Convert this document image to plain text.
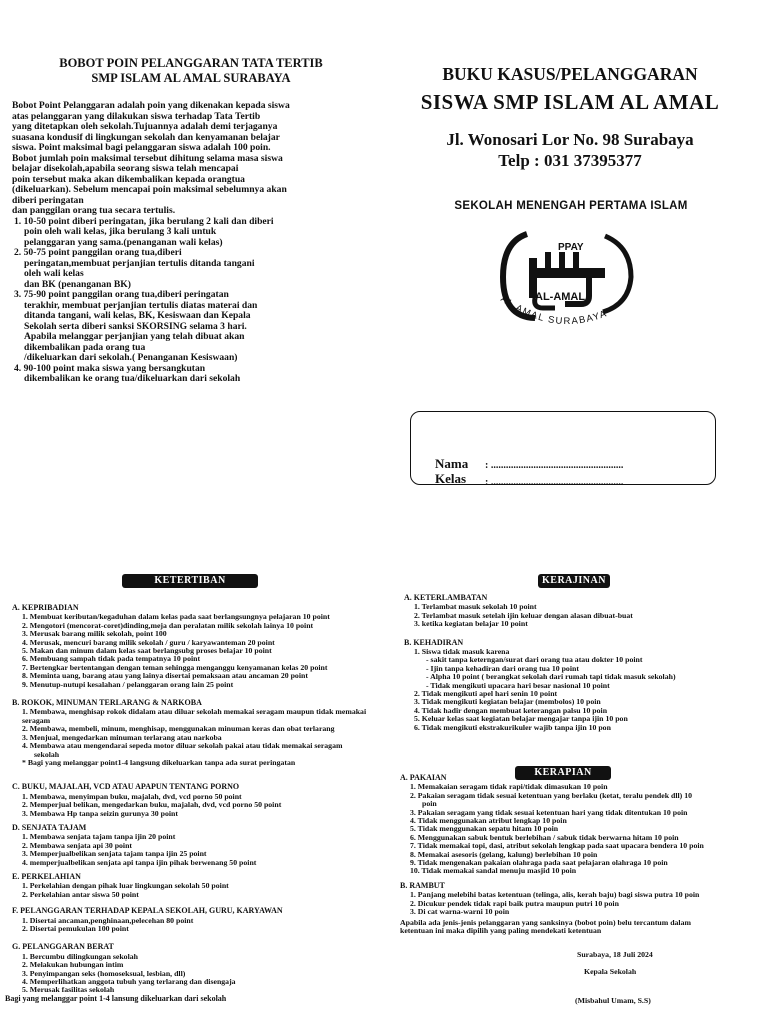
BOBOT POIN PELANGGARAN TATA TERTIB
SMP ISLAM AL AMAL SURABAYA
Bobot Point Pelanggaran adalah poin yang dikenakan kepada siswa
atas pelanggaran yang dilakukan siswa terhadap Tata Tertib
yang ditetapkan oleh sekolah.Tujuannya adalah demi terjaganya
suasana kondusif di lingkungan sekolah dan kenyamanan belajar
siswa. Point maksimal bagi pelanggaran siswa adalah 100 poin.
Bobot jumlah poin maksimal tersebut dihitung selama masa siswa
belajar disekolah,apabila seorang siswa telah mencapai
poin tersebut maka akan dikembalikan kepada orangtua
(dikeluarkan). Sebelum mencapai poin maksimal sebelumnya akan
diberi peringatan
dan panggilan orang tua secara tertulis.
1. 10-50 point diberi peringatan, jika berulang 2 kali dan diberi
poin oleh wali kelas, jika berulang 3 kali untuk
pelanggaran yang sama.(penanganan wali kelas)
2. 50-75 point panggilan orang tua,diberi
peringatan,membuat perjanjian tertulis ditanda tangani
oleh wali kelas
dan BK (penanganan BK)
3. 75-90 point panggilan orang tua,diberi peringatan
terakhir, membuat perjanjian tertulis diatas materai dan
ditanda tangani, wali kelas, BK, Kesiswaan dan Kepala
Sekolah serta diberi sanksi SKORSING selama 3 hari.
Apabila melanggar perjanjian yang telah dibuat akan
dikembalikan pada orang tua
/dikeluarkan dari sekolah.( Penanganan Kesiswaan)
4. 90-100 point maka siswa yang bersangkutan
dikembalikan ke orang tua/dikeluarkan dari sekolah
BUKU KASUS/PELANGGARAN
SISWA SMP ISLAM AL AMAL
Jl. Wonosari Lor No. 98 Surabaya
Telp : 031 37395377
SEKOLAH MENENGAH PERTAMA ISLAM
PPAY
AL-AMAL
AL AMAL SURABAYA
Nama
Kelas
: .....................................................
: .....................................................
KETERTIBAN	KERAJINAN
KERAPIAN
A. KEPRIBADIAN
1. Membuat keributan/kegaduhan dalam kelas pada saat berlangsungnya pelajaran 10 point
2. Mengotori (mencorat-coret)dinding,meja dan peralatan milik sekolah lainya 10 point
3. Merusak barang milik sekolah, point 100
4. Merusak, mencuri barang milik sekolah / guru / karyawanteman 20 point
5. Makan dan minum dalam kelas saat berlangsubg proses belajar 10 point
6. Membuang sampah tidak pada tempatnya 10 point
7. Bertengkar bertentangan dengan teman sehingga menganggu kenyamanan kelas 20 point
8. Meminta uang, barang atau yang lainya disertai pemaksaan atau ancaman 20 point
9. Menutup-nutupi kesalahan / pelanggaran orang lain 25 point
B. ROKOK, MINUMAN TERLARANG & NARKOBA
1. Membawa, menghisap rokok didalam atau diluar sekolah memakai seragam maupun tidak memakai seragam
2. Membawa, membeli, minum, menghisap, menggunakan minuman keras dan obat terlarang
3. Menjual, mengedarkan minuman terlarang atau narkoba
4. Membawa atau mengendarai sepeda motor diluar sekolah pakai atau tidak memakai seragam
sekolah
* Bagi yang melanggar point1-4 langsung dikeluarkan tanpa ada surat peringatan
C. BUKU, MAJALAH, VCD ATAU APAPUN TENTANG PORNO
1. Membawa, menyimpan buku, majalah, dvd, vcd porno 50 point
2. Memperjual belikan, mengedarkan buku, majalah, dvd, vcd porno 50 point
3. Membawa Hp tanpa seizin gurunya 30 point
D. SENJATA TAJAM
1. Membawa senjata tajam tanpa ijin 20 point
2. Membawa senjata api 30 point
3. Memperjualbelikan senjata tajam tanpa ijin 25 point
4. memperjualbelikan senjata api tanpa ijin pihak berwenang 50 point
E. PERKELAHIAN
1. Perkelahian dengan pihak luar lingkungan sekolah 50 point
2. Perkelahian antar siswa 50 point
F. PELANGGARAN TERHADAP KEPALA SEKOLAH, GURU, KARYAWAN
1. Disertai ancaman,penghinaan,pelecehan 80 point
2. Disertai pemukulan 100 point
G. PELANGGARAN BERAT
1. Bercumbu dilingkungan sekolah
2. Melakukan hubungan intim
3. Penyimpangan seks (homoseksual, lesbian, dll)
4. Memperlihatkan anggota tubuh yang terlarang dan disengaja
5. Merusak fasilitas sekolah
Bagi yang melanggar point 1-4 lansung dikeluarkan dari sekolah
A. KETERLAMBATAN
1. Terlambat masuk sekolah 10 point
2. Terlambat masuk setelah ijin keluar dengan alasan dibuat-buat
3. ketika kegiatan belajar 10 point
B. KEHADIRAN
1. Siswa tidak masuk karena
- sakit tanpa keterngan/surat dari orang tua atau dokter 10 point
- Ijin tanpa kehadiran dari orang tua 10 point
- Alpha 10 point ( berangkat sekolah dari rumah tapi tidak masuk sekolah)
- Tidak mengikuti upacara hari besar nasional 10 point
2. Tidak mengikuti apel hari senin 10 point
3. Tidak mengikuti kegiatan belajar (membolos) 10 poin
4. Tidak hadir dengan membuat keterangan palsu 10 poin
5. Keluar kelas saat kegiatan belajar mengajar tanpa ijin 10 pon
6. Tidak mengikuti ekstrakurikuler wajib tanpa ijin 10 pon
A. PAKAIAN
1. Memakaian seragam tidak rapi/tidak dimasukan 10 poin
2. Pakaian seragam tidak sesuai ketentuan yang berlaku (ketat, teralu pendek dll) 10
poin
3. Pakaian seragam yang tidak sesuai ketentuan hari yang tidak ditentukan 10 poin
4. Tidak menggunakan atribut lengkap 10 poin
5. Tidak menggunakan sepatu hitam 10 poin
6. Menggunakan sabuk bentuk berlebihan / sabuk tidak berwarna hitam 10 poin
7. Tidak memakai topi, dasi, atribut sekolah lengkap pada saat upacara bendera 10 poin
8. Memakai asesoris (gelang, kalung) berlebihan 10 poin
9. Tidak mengenakan pakaian olahraga pada saat pelajaran olahraga 10 poin
10. Tidak memakai sandal menuju masjid 10 poin
B. RAMBUT
1. Panjang melebihi batas ketentuan (telinga, alis, kerah baju) bagi siswa putra 10 poin
2. Dicukur pendek tidak rapi baik putra maupun putri 10 poin
3. Di cat warna-warni 10 poin
Apabila ada jenis-jenis pelanggaran yang sanksinya (bobot poin) belu tercantum dalam
ketentuan ini maka dipilih yang paling mendekati ketentuan
Surabaya, 18 Juli 2024
Kepala Sekolah
(Misbahul Umam, S.S)
